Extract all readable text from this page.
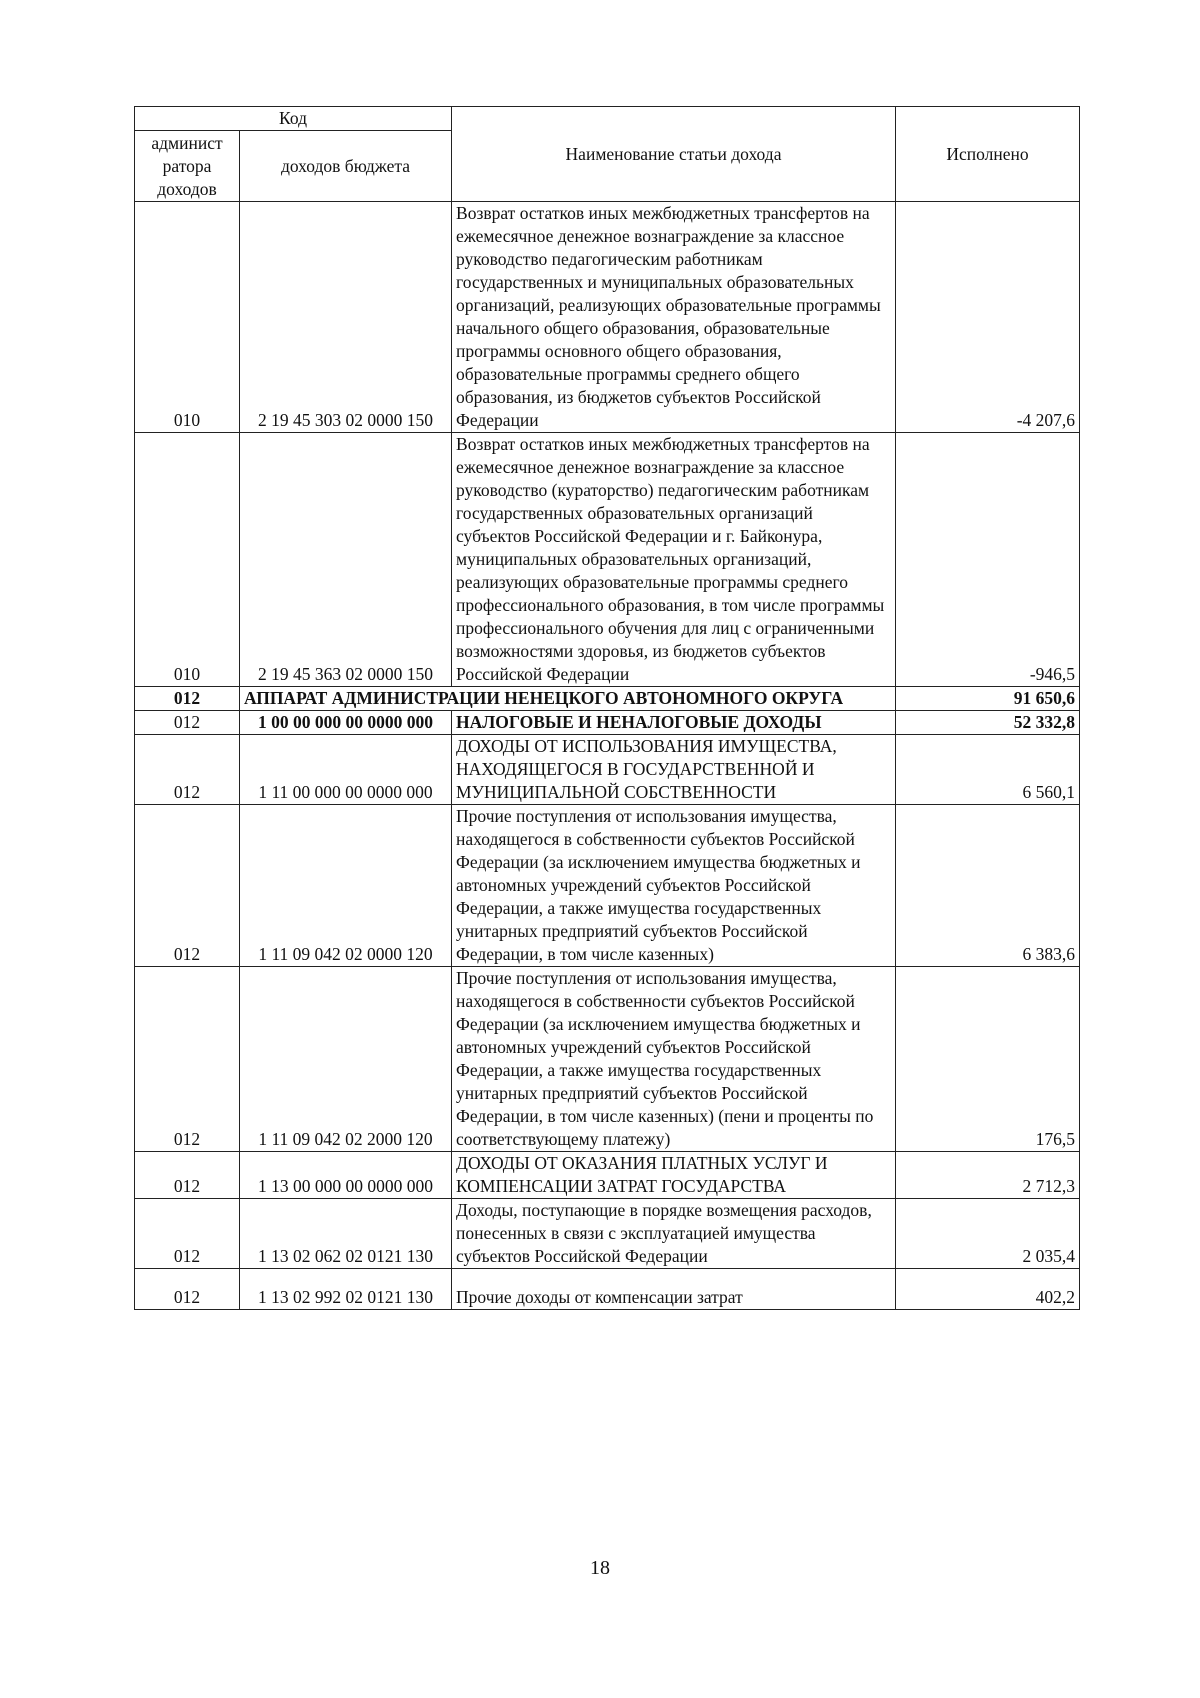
Код		Наименование статьи дохода	Исполнено
админист ратора доходов	доходов бюджета		
010	2 19 45 303 02 0000 150	Возврат остатков иных межбюджетных трансфертов на ежемесячное денежное вознаграждение за классное руководство педагогическим работникам государственных и муниципальных образовательных организаций, реализующих образовательные программы начального общего образования, образовательные программы основного общего образования, образовательные программы среднего общего образования, из бюджетов субъектов Российской Федерации	-4 207,6
010	2 19 45 363 02 0000 150	Возврат остатков иных межбюджетных трансфертов на ежемесячное денежное вознаграждение за классное руководство (кураторство) педагогическим работникам государственных образовательных организаций субъектов Российской Федерации и г. Байконура, муниципальных образовательных организаций, реализующих образовательные программы среднего профессионального образования, в том числе программы профессионального обучения для лиц с ограниченными возможностями здоровья, из бюджетов субъектов Российской Федерации	-946,5
012	АППАРАТ АДМИНИСТРАЦИИ НЕНЕЦКОГО АВТОНОМНОГО ОКРУГА		91 650,6
012	1 00 00 000 00 0000 000	НАЛОГОВЫЕ И НЕНАЛОГОВЫЕ ДОХОДЫ	52 332,8
012	1 11 00 000 00 0000 000	ДОХОДЫ ОТ ИСПОЛЬЗОВАНИЯ ИМУЩЕСТВА, НАХОДЯЩЕГОСЯ В ГОСУДАРСТВЕННОЙ И МУНИЦИПАЛЬНОЙ СОБСТВЕННОСТИ	6 560,1
012	1 11 09 042 02 0000 120	Прочие поступления от использования имущества, находящегося в собственности субъектов Российской Федерации (за исключением имущества бюджетных и автономных учреждений субъектов Российской Федерации, а также имущества государственных унитарных предприятий субъектов Российской Федерации, в том числе казенных)	6 383,6
012	1 11 09 042 02 2000 120	Прочие поступления от использования имущества, находящегося в собственности субъектов Российской Федерации (за исключением имущества бюджетных и автономных учреждений субъектов Российской Федерации, а также имущества государственных унитарных предприятий субъектов Российской Федерации, в том числе казенных) (пени и проценты по соответствующему платежу)	176,5
012	1 13 00 000 00 0000 000	ДОХОДЫ ОТ ОКАЗАНИЯ ПЛАТНЫХ УСЛУГ И КОМПЕНСАЦИИ ЗАТРАТ ГОСУДАРСТВА	2 712,3
012	1 13 02 062 02 0121 130	Доходы, поступающие в порядке возмещения расходов, понесенных в связи с эксплуатацией имущества субъектов Российской Федерации	2 035,4
012	1 13 02 992 02 0121 130	Прочие доходы от компенсации затрат	402,2
18
